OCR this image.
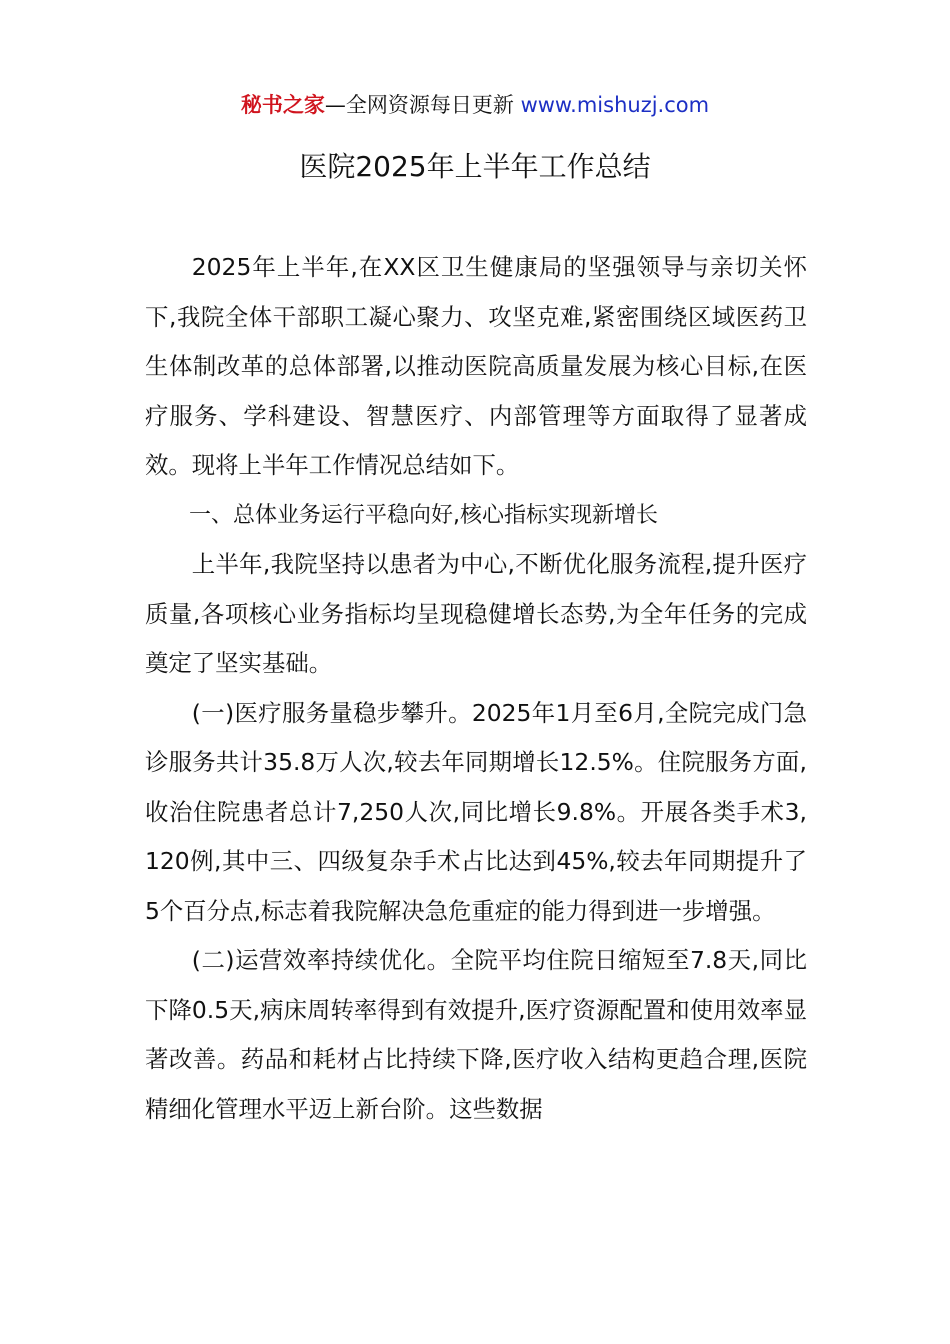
秘书之家—全网资源每日更新 www.mishuzj.com
医院2025年上半年工作总结

2025年上半年,在XX区卫生健康局的坚强领导与亲切关怀下,我院全体干部职工凝心聚力、攻坚克难,紧密围绕区域医药卫生体制改革的总体部署,以推动医院高质量发展为核心目标,在医疗服务、学科建设、智慧医疗、内部管理等方面取得了显著成效。现将上半年工作情况总结如下。

一、总体业务运行平稳向好,核心指标实现新增长

上半年,我院坚持以患者为中心,不断优化服务流程,提升医疗质量,各项核心业务指标均呈现稳健增长态势,为全年任务的完成奠定了坚实基础。

(一)医疗服务量稳步攀升。2025年1月至6月,全院完成门急诊服务共计35.8万人次,较去年同期增长12.5%。住院服务方面,收治住院患者总计7,250人次,同比增长9.8%。开展各类手术3,120例,其中三、四级复杂手术占比达到45%,较去年同期提升了5个百分点,标志着我院解决急危重症的能力得到进一步增强。

(二)运营效率持续优化。全院平均住院日缩短至7.8天,同比下降0.5天,病床周转率得到有效提升,医疗资源配置和使用效率显著改善。药品和耗材占比持续下降,医疗收入结构更趋合理,医院精细化管理水平迈上新台阶。这些数据
